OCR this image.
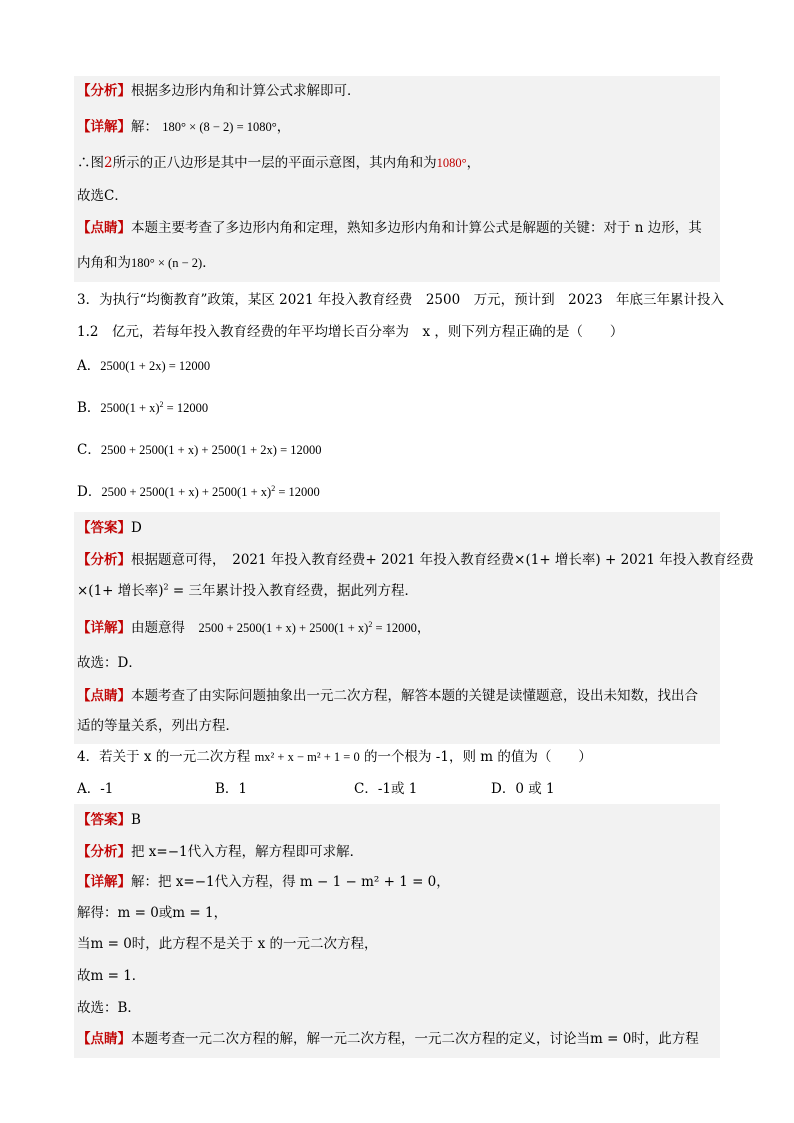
【分析】根据多边形内角和计算公式求解即可．
【详解】解： 180° × (8 − 2) = 1080°，
∴图2所示的正八边形是其中一层的平面示意图，其内角和为1080°，
故选C．
【点睛】本题主要考查了多边形内角和定理，熟知多边形内角和计算公式是解题的关键：对于 n 边形，其
内角和为180° × (n − 2)．
3．为执行“均衡教育”政策，某区 2021 年投入教育经费　2500　万元，预计到　2023　年底三年累计投入
1.2　亿元，若每年投入教育经费的年平均增长百分率为　x ，则下列方程正确的是（　　）
A．2500(1 + 2x) = 12000
B．$2500(1 + x)^2 = 12000$
C．2500 + 2500(1 + x) + 2500(1 + 2x) = 12000
D．$2500 + 2500(1 + x) + 2500(1 + x)^2 = 12000$
【答案】D
【分析】根据题意可得，　2021 年投入教育经费+ 2021 年投入教育经费×(1+ 增长率) + 2021 年投入教育经费
×(1+ 增长率)$^2$ = 三年累计投入教育经费，据此列方程．
【详解】由题意得　$2500 + 2500(1 + x) + 2500(1 + x)^2 = 12000$，
故选：D．
【点睛】本题考查了由实际问题抽象出一元二次方程，解答本题的关键是读懂题意，设出未知数，找出合
适的等量关系，列出方程．
4．若关于 x 的一元二次方程 mx² + x − m² + 1 = 0 的一个根为 -1，则 m 的值为（　　）
A．-1	B．1	C．-1或 1	D．0 或 1
【答案】B
【分析】把 x=−1代入方程，解方程即可求解．
【详解】解：把 x=−1代入方程，得 m − 1 − m² + 1 = 0，
解得：m = 0或m = 1，
当m = 0时，此方程不是关于 x 的一元二次方程，
故m = 1．
故选：B．
【点睛】本题考查一元二次方程的解，解一元二次方程，一元二次方程的定义，讨论当m = 0时，此方程
